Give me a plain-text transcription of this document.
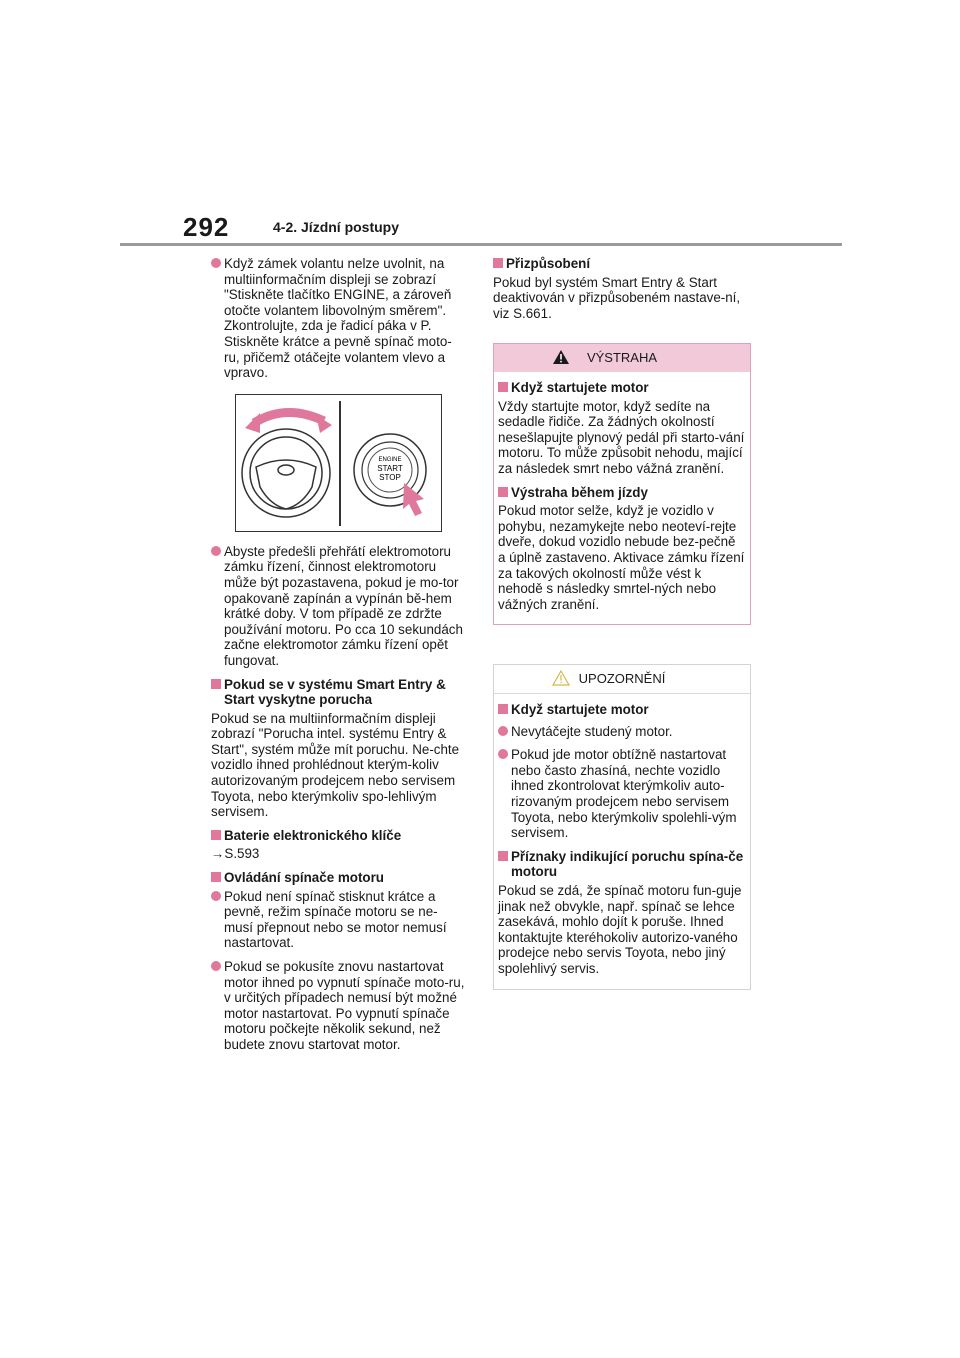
292	4-2. Jízdní postupy
Když zámek volantu nelze uvolnit, na multiinformačním displeji se zobrazí "Stiskněte tlačítko ENGINE, a zároveň otočte volantem libovolným směrem". Zkontrolujte, zda je řadicí páka v P. Stiskněte krátce a pevně spínač moto-ru, přičemž otáčejte volantem vlevo a vpravo.
ENGINE
START
STOP
Abyste předešli přehřátí elektromotoru zámku řízení, činnost elektromotoru může být pozastavena, pokud je mo-tor opakovaně zapínán a vypínán bě-hem krátké doby. V tom případě ze zdržte používání motoru. Po cca 10 sekundách začne elektromotor zámku řízení opět fungovat.
Pokud se v systému Smart Entry & Start vyskytne porucha
Pokud se na multiinformačním displeji zobrazí "Porucha intel. systému Entry & Start", systém může mít poruchu. Ne-chte vozidlo ihned prohlédnout kterým-koliv autorizovaným prodejcem nebo servisem Toyota, nebo kterýmkoliv spo-lehlivým servisem.
Baterie elektronického klíče
→S.593
Ovládání spínače motoru
Pokud není spínač stisknut krátce a pevně, režim spínače motoru se ne-musí přepnout nebo se motor nemusí nastartovat.
Pokud se pokusíte znovu nastartovat motor ihned po vypnutí spínače moto-ru, v určitých případech nemusí být možné motor nastartovat. Po vypnutí spínače motoru počkejte několik sekund, než budete znovu startovat motor.
Přizpůsobení
Pokud byl systém Smart Entry & Start deaktivován v přizpůsobeném nastave-ní, viz S.661.
VÝSTRAHA
Když startujete motor
Vždy startujte motor, když sedíte na sedadle řidiče. Za žádných okolností nesešlapujte plynový pedál při starto-vání motoru. To může způsobit nehodu, mající za následek smrt nebo vážná zranění.
Výstraha během jízdy
Pokud motor selže, když je vozidlo v pohybu, nezamykejte nebo neoteví-rejte dveře, dokud vozidlo nebude bez-pečně a úplně zastaveno. Aktivace zámku řízení za takových okolností může vést k nehodě s následky smrtel-ných nebo vážných zranění.
UPOZORNĚNÍ
Když startujete motor
Nevytáčejte studený motor.
Pokud jde motor obtížně nastartovat nebo často zhasíná, nechte vozidlo ihned zkontrolovat kterýmkoliv auto-rizovaným prodejcem nebo servisem Toyota, nebo kterýmkoliv spolehli-vým servisem.
Příznaky indikující poruchu spína-če motoru
Pokud se zdá, že spínač motoru fun-guje jinak než obvykle, např. spínač se lehce zasekává, mohlo dojít k poruše. Ihned kontaktujte kteréhokoliv autorizo-vaného prodejce nebo servis Toyota, nebo jiný spolehlivý servis.
